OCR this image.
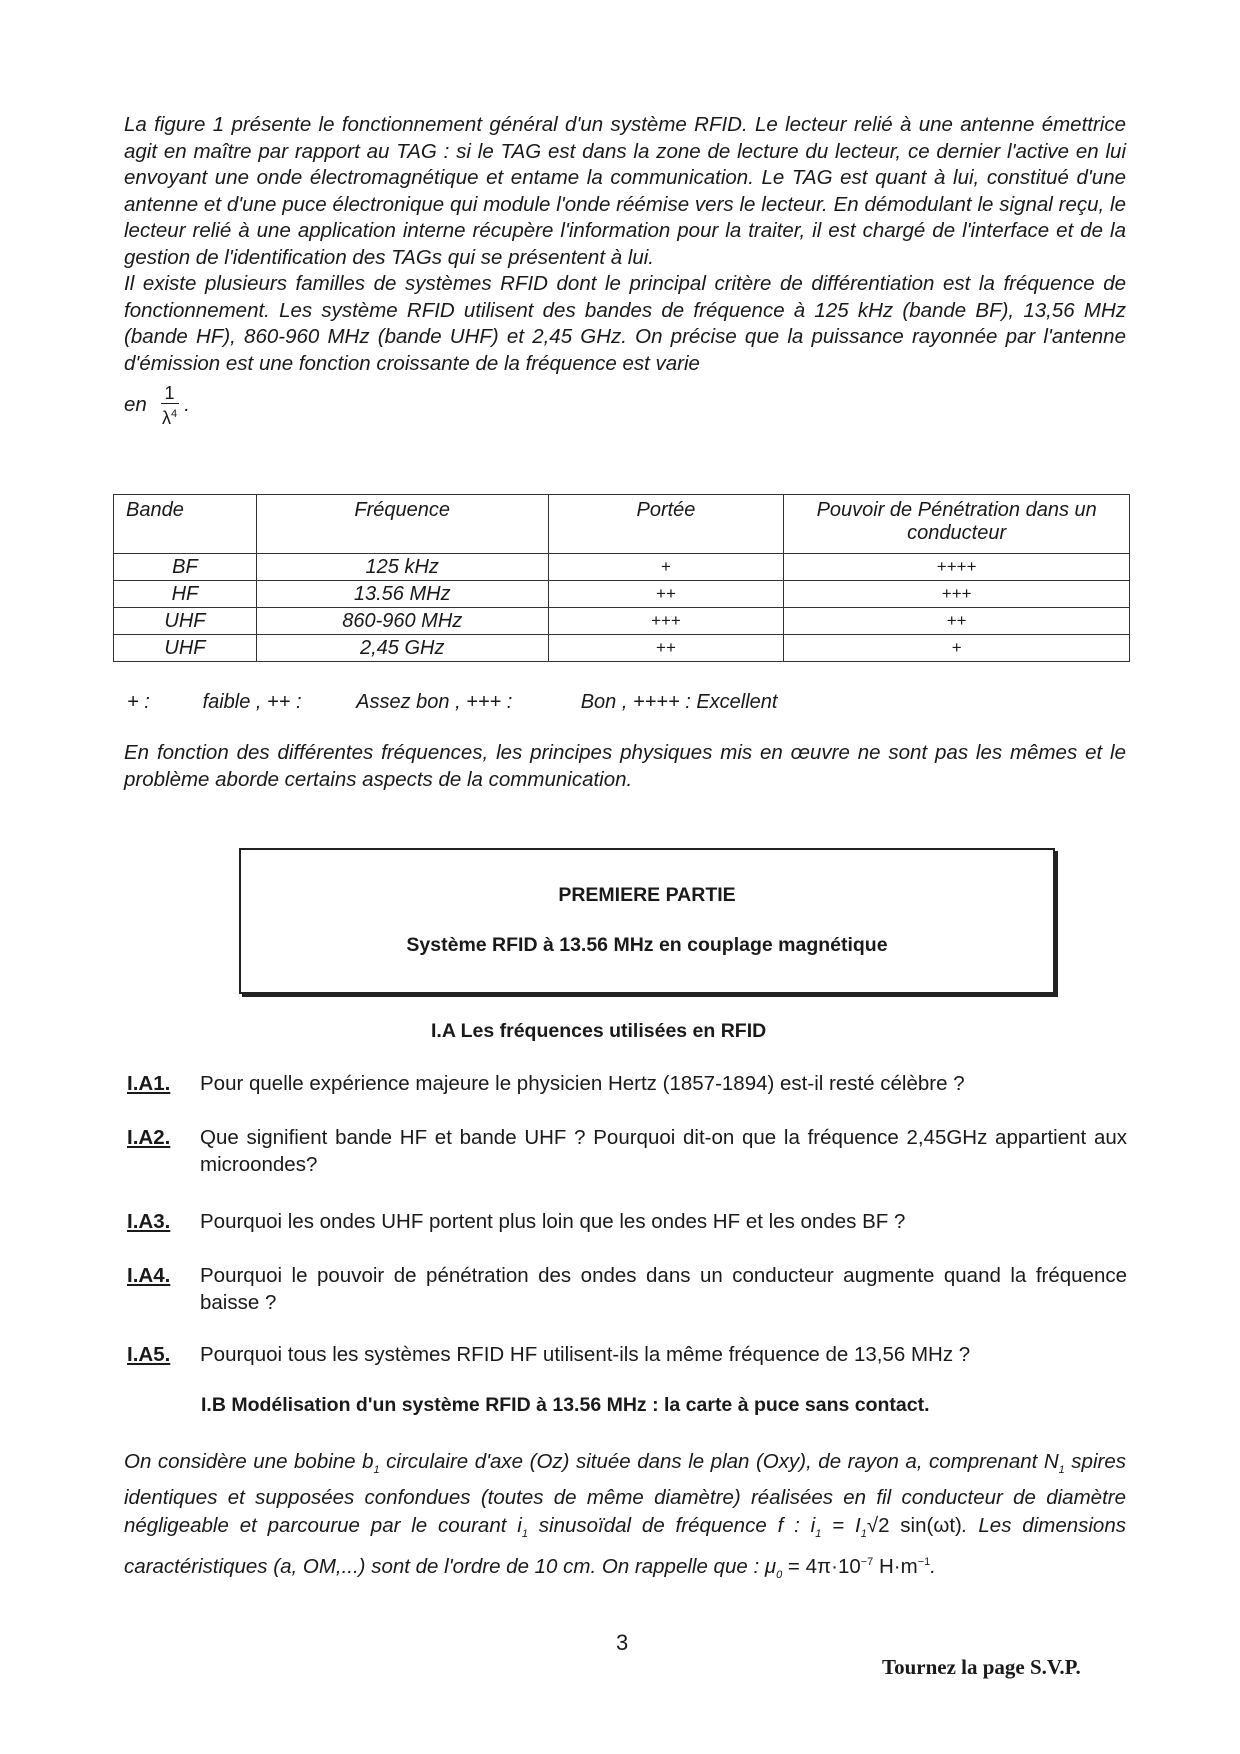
La figure 1 présente le fonctionnement général d'un système RFID. Le lecteur relié à une antenne émettrice agit en maître par rapport au TAG : si le TAG est dans la zone de lecture du lecteur, ce dernier l'active en lui envoyant une onde électromagnétique et entame la communication. Le TAG est quant à lui, constitué d'une antenne et d'une puce électronique qui module l'onde réémise vers le lecteur. En démodulant le signal reçu, le lecteur relié à une application interne récupère l'information pour la traiter, il est chargé de l'interface et de la gestion de l'identification des TAGs qui se présentent à lui.

Il existe plusieurs familles de systèmes RFID dont le principal critère de différentiation est la fréquence de fonctionnement. Les système RFID utilisent des bandes de fréquence à 125 kHz (bande BF), 13,56 MHz (bande HF), 860-960 MHz (bande UHF) et 2,45 GHz. On précise que la puissance rayonnée par l'antenne d'émission est une fonction croissante de la fréquence est varie

en $\frac{1}{\lambda^4}$ .

Bande	Fréquence	Portée	Pouvoir de Pénétration dans un conducteur
BF	125 kHz	+	++++
HF	13.56 MHz	++	+++
UHF	860-960 MHz	+++	++
UHF	2,45 GHz	++	+
+ :	faible , ++ :	Assez bon , +++ :	Bon , ++++ : Excellent
En fonction des différentes fréquences, les principes physiques mis en œuvre ne sont pas les mêmes et le problème aborde certains aspects de la communication.
PREMIERE PARTIE
Système RFID à 13.56 MHz en couplage magnétique
I.A Les fréquences utilisées en RFID
I.A1. Pour quelle expérience majeure le physicien Hertz (1857-1894) est-il resté célèbre ?
I.A2. Que signifient bande HF et bande UHF ? Pourquoi dit-on que la fréquence 2,45GHz appartient aux microondes?
I.A3. Pourquoi les ondes UHF portent plus loin que les ondes HF et les ondes BF ?
I.A4. Pourquoi le pouvoir de pénétration des ondes dans un conducteur augmente quand la fréquence baisse ?
I.A5. Pourquoi tous les systèmes RFID HF utilisent-ils la même fréquence de 13,56 MHz ?
I.B Modélisation d'un système RFID à 13.56 MHz : la carte à puce sans contact.
On considère une bobine $b_1$ circulaire d'axe (Oz) située dans le plan (Oxy), de rayon a, comprenant $N_1$ spires identiques et supposées confondues (toutes de même diamètre) réalisées en fil conducteur de diamètre négligeable et parcourue par le courant $i_1$ sinusoïdal de fréquence f : $i_1 = I_1√2$ sin(ωt). Les dimensions caractéristiques (a, OM,...) sont de l'ordre de 10 cm. On rappelle que : $\mu_0 = 4\pi\cdot 10^{-7}$ $H\cdot m^{-1}$.
3
Tournez la page S.V.P.
